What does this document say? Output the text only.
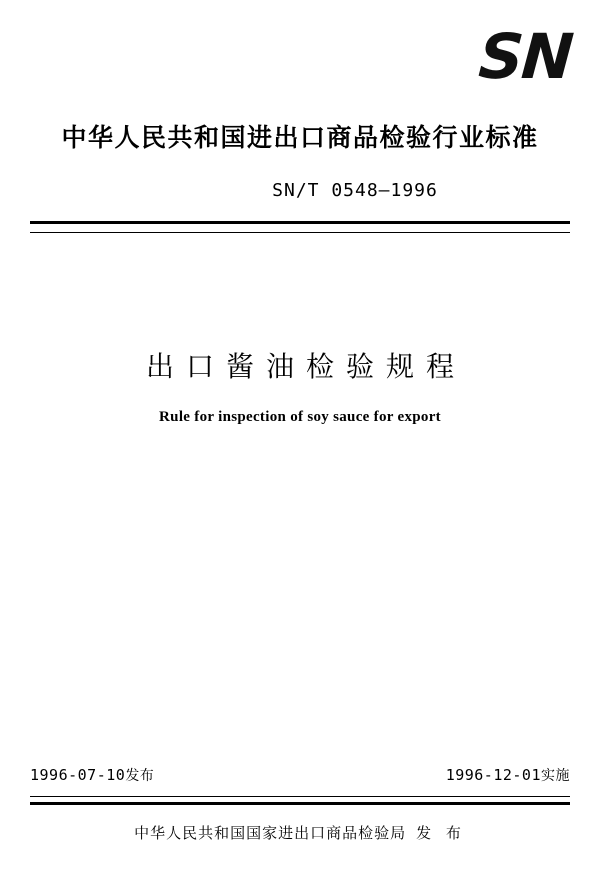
SN
中华人民共和国进出口商品检验行业标准
SN/T 0548—1996
出口酱油检验规程
Rule for inspection of soy sauce for export
1996-07-10发布	1996-12-01实施
中华人民共和国国家进出口商品检验局 发 布
